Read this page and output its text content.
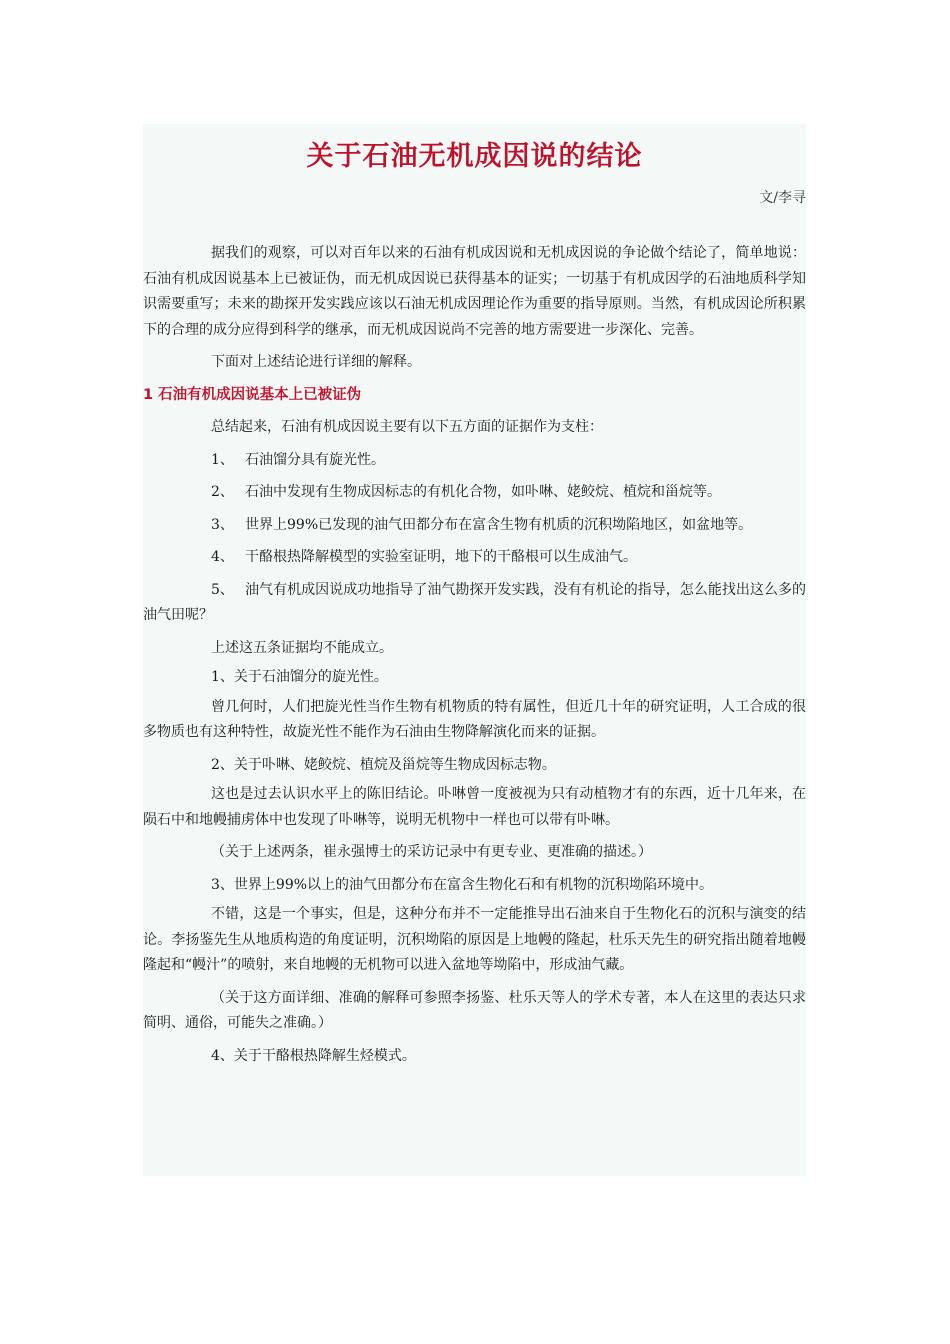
关于石油无机成因说的结论
文/李寻

据我们的观察，可以对百年以来的石油有机成因说和无机成因说的争论做个结论了，简单地说：石油有机成因说基本上已被证伪，而无机成因说已获得基本的证实；一切基于有机成因学的石油地质科学知识需要重写；未来的勘探开发实践应该以石油无机成因理论作为重要的指导原则。当然，有机成因论所积累下的合理的成分应得到科学的继承，而无机成因说尚不完善的地方需要进一步深化、完善。

下面对上述结论进行详细的解释。

1 石油有机成因说基本上已被证伪

总结起来，石油有机成因说主要有以下五方面的证据作为支柱：

1、 石油馏分具有旋光性。

2、 石油中发现有生物成因标志的有机化合物，如卟啉、姥鲛烷、植烷和甾烷等。

3、 世界上99%已发现的油气田都分布在富含生物有机质的沉积坳陷地区，如盆地等。

4、 干酪根热降解模型的实验室证明，地下的干酪根可以生成油气。

5、 油气有机成因说成功地指导了油气勘探开发实践，没有有机论的指导，怎么能找出这么多的油气田呢？

上述这五条证据均不能成立。

1、关于石油馏分的旋光性。

曾几何时，人们把旋光性当作生物有机物质的特有属性，但近几十年的研究证明，人工合成的很多物质也有这种特性，故旋光性不能作为石油由生物降解演化而来的证据。

2、关于卟啉、姥鲛烷、植烷及甾烷等生物成因标志物。

这也是过去认识水平上的陈旧结论。卟啉曾一度被视为只有动植物才有的东西，近十几年来，在陨石中和地幔捕虏体中也发现了卟啉等，说明无机物中一样也可以带有卟啉。

（关于上述两条，崔永强博士的采访记录中有更专业、更准确的描述。）

3、世界上99%以上的油气田都分布在富含生物化石和有机物的沉积坳陷环境中。

不错，这是一个事实，但是，这种分布并不一定能推导出石油来自于生物化石的沉积与演变的结论。李扬鉴先生从地质构造的角度证明，沉积坳陷的原因是上地幔的隆起，杜乐天先生的研究指出随着地幔隆起和“幔汁”的喷射，来自地幔的无机物可以进入盆地等坳陷中，形成油气藏。

（关于这方面详细、准确的解释可参照李扬鉴、杜乐天等人的学术专著，本人在这里的表达只求简明、通俗，可能失之准确。）

4、关于干酪根热降解生烃模式。
